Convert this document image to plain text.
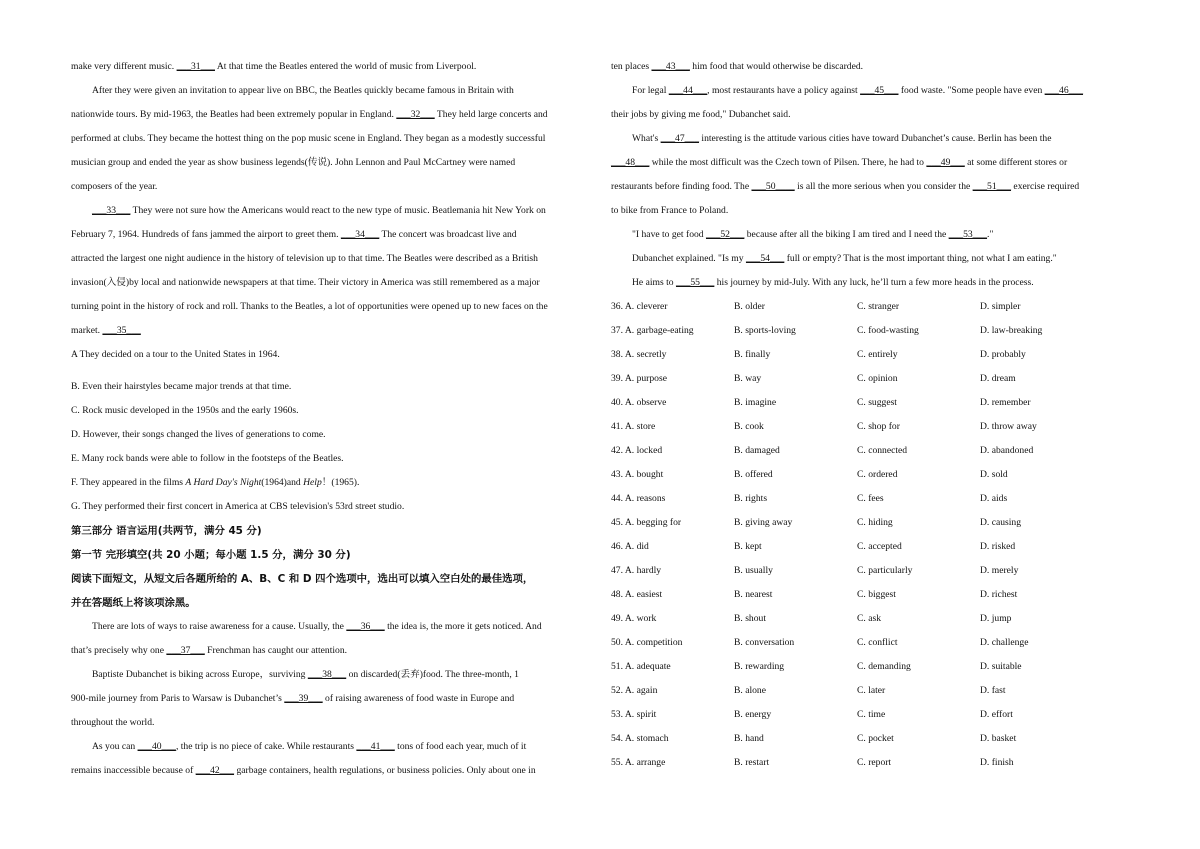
make very different music. ___31___ At that time the Beatles entered the world of music from Liverpool.
After they were given an invitation to appear live on BBC, the Beatles quickly became famous in Britain with
nationwide tours. By mid-1963, the Beatles had been extremely popular in England. ___32___ They held large concerts and
performed at clubs. They became the hottest thing on the pop music scene in England. They began as a modestly successful
musician group and ended the year as show business legends(传说). John Lennon and Paul McCartney were named
composers of the year.
___33___ They were not sure how the Americans would react to the new type of music. Beatlemania hit New York on
February 7, 1964. Hundreds of fans jammed the airport to greet them. ___34___ The concert was broadcast live and
attracted the largest one night audience in the history of television up to that time. The Beatles were described as a British
invasion(入侵)by local and nationwide newspapers at that time. Their victory in America was still remembered as a major
turning point in the history of rock and roll. Thanks to the Beatles, a lot of opportunities were opened up to new faces on the
market. ___35___
A They decided on a tour to the United States in 1964.
B. Even their hairstyles became major trends at that time.
C. Rock music developed in the 1950s and the early 1960s.
D. However, their songs changed the lives of generations to come.
E. Many rock bands were able to follow in the footsteps of the Beatles.
F. They appeared in the films A Hard Day's Night(1964)and Help！(1965).
G. They performed their first concert in America at CBS television's 53rd street studio.
第三部分 语言运用(共两节，满分 45 分)
第一节 完形填空(共 20 小题；每小题 1.5 分，满分 30 分)
阅读下面短文，从短文后各题所给的 A、B、C 和 D 四个选项中，选出可以填入空白处的最佳选项，
并在答题纸上将该项涂黑。
There are lots of ways to raise awareness for a cause. Usually, the ___36___ the idea is, the more it gets noticed. And
that’s precisely why one ___37___ Frenchman has caught our attention.
Baptiste Dubanchet is biking across Europe，surviving ___38___ on discarded(丢弃)food. The three-month, 1
900-mile journey from Paris to Warsaw is Dubanchet’s ___39___ of raising awareness of food waste in Europe and
throughout the world.
As you can ___40___, the trip is no piece of cake. While restaurants ___41___ tons of food each year, much of it
remains inaccessible because of ___42___ garbage containers, health regulations, or business policies. Only about one in
ten places ___43___ him food that would otherwise be discarded.
For legal ___44___, most restaurants have a policy against ___45___ food waste. "Some people have even ___46___
their jobs by giving me food," Dubanchet said.
What's ___47___ interesting is the attitude various cities have toward Dubanchet’s cause. Berlin has been the
___48___ while the most difficult was the Czech town of Pilsen. There, he had to ___49___ at some different stores or
restaurants before finding food. The ___50____ is all the more serious when you consider the ___51___ exercise required
to bike from France to Poland.
"I have to get food ___52___ because after all the biking I am tired and I need the ___53___."
Dubanchet explained. "Is my ___54___ full or empty? That is the most important thing, not what I am eating."
He aims to ___55___ his journey by mid-July. With any luck, he’ll turn a few more heads in the process.
36. A. cleverer	B. older	C. stranger	D. simpler
37. A. garbage-eating	B. sports-loving	C. food-wasting	D. law-breaking
38. A. secretly	B. finally	C. entirely	D. probably
39. A. purpose	B. way	C. opinion	D. dream
40. A. observe	B. imagine	C. suggest	D. remember
41. A. store	B. cook	C. shop for	D. throw away
42. A. locked	B. damaged	C. connected	D. abandoned
43. A. bought	B. offered	C. ordered	D. sold
44. A. reasons	B. rights	C. fees	D. aids
45. A. begging for	B. giving away	C. hiding	D. causing
46. A. did	B. kept	C. accepted	D. risked
47. A. hardly	B. usually	C. particularly	D. merely
48. A. easiest	B. nearest	C. biggest	D. richest
49. A. work	B. shout	C. ask	D. jump
50. A. competition	B. conversation	C. conflict	D. challenge
51. A. adequate	B. rewarding	C. demanding	D. suitable
52. A. again	B. alone	C. later	D. fast
53. A. spirit	B. energy	C. time	D. effort
54. A. stomach	B. hand	C. pocket	D. basket
55. A. arrange	B. restart	C. report	D. finish
